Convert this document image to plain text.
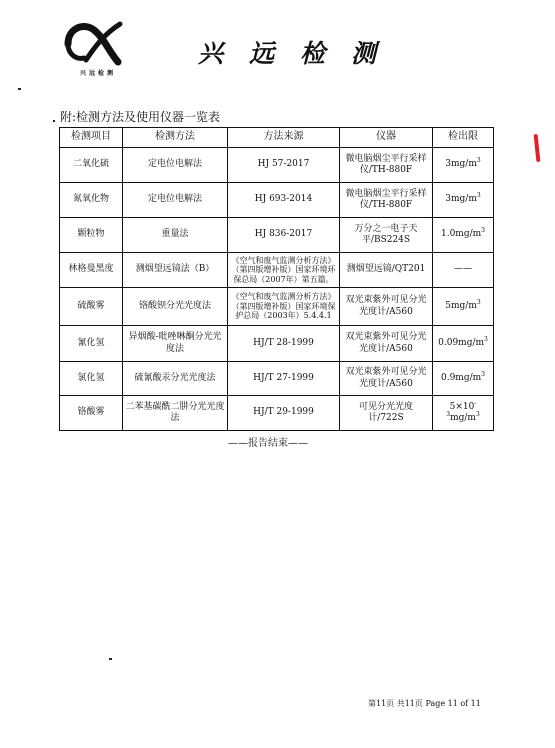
兴远检测
兴远检测
附:检测方法及使用仪器一览表
检测项目	检测方法	方法来源	仪器	检出限
二氧化硫	定电位电解法	HJ 57-2017	微电脑烟尘平行采样仪/TH-880F	$3mg/m^3$
氮氧化物	定电位电解法	HJ 693-2014	微电脑烟尘平行采样仪/TH-880F	$3mg/m^3$
颗粒物	重量法	HJ 836-2017	万分之一电子天平/BS224S	$1.0mg/m^3$
林格曼黑度	测烟望远镜法（B）	《空气和废气监测分析方法》（第四版增补版）国家环境环保总局（2007年）第五篇。	测烟望远镜/QT201	——
硫酸雾	铬酸钡分光光度法	《空气和废气监测分析方法》（第四版增补版）国家环境保护总局（2003年）5.4.4.1	双光束紫外可见分光光度计/A560	$5mg/m^3$
氰化氢	异烟酸-吡唑啉酮分光光度法	HJ/T 28-1999	双光束紫外可见分光光度计/A560	$0.09mg/m^3$
氯化氢	硫氰酸汞分光光度法	HJ/T 27-1999	双光束紫外可见分光光度计/A560	$0.9mg/m^3$
铬酸雾	二苯基碳酰二肼分光光度法	HJ/T 29-1999	可见分光光度计/722S	$5\times 10^{-3}mg/m^3$
——报告结束——
第11页 共11页 Page 11 of 11
